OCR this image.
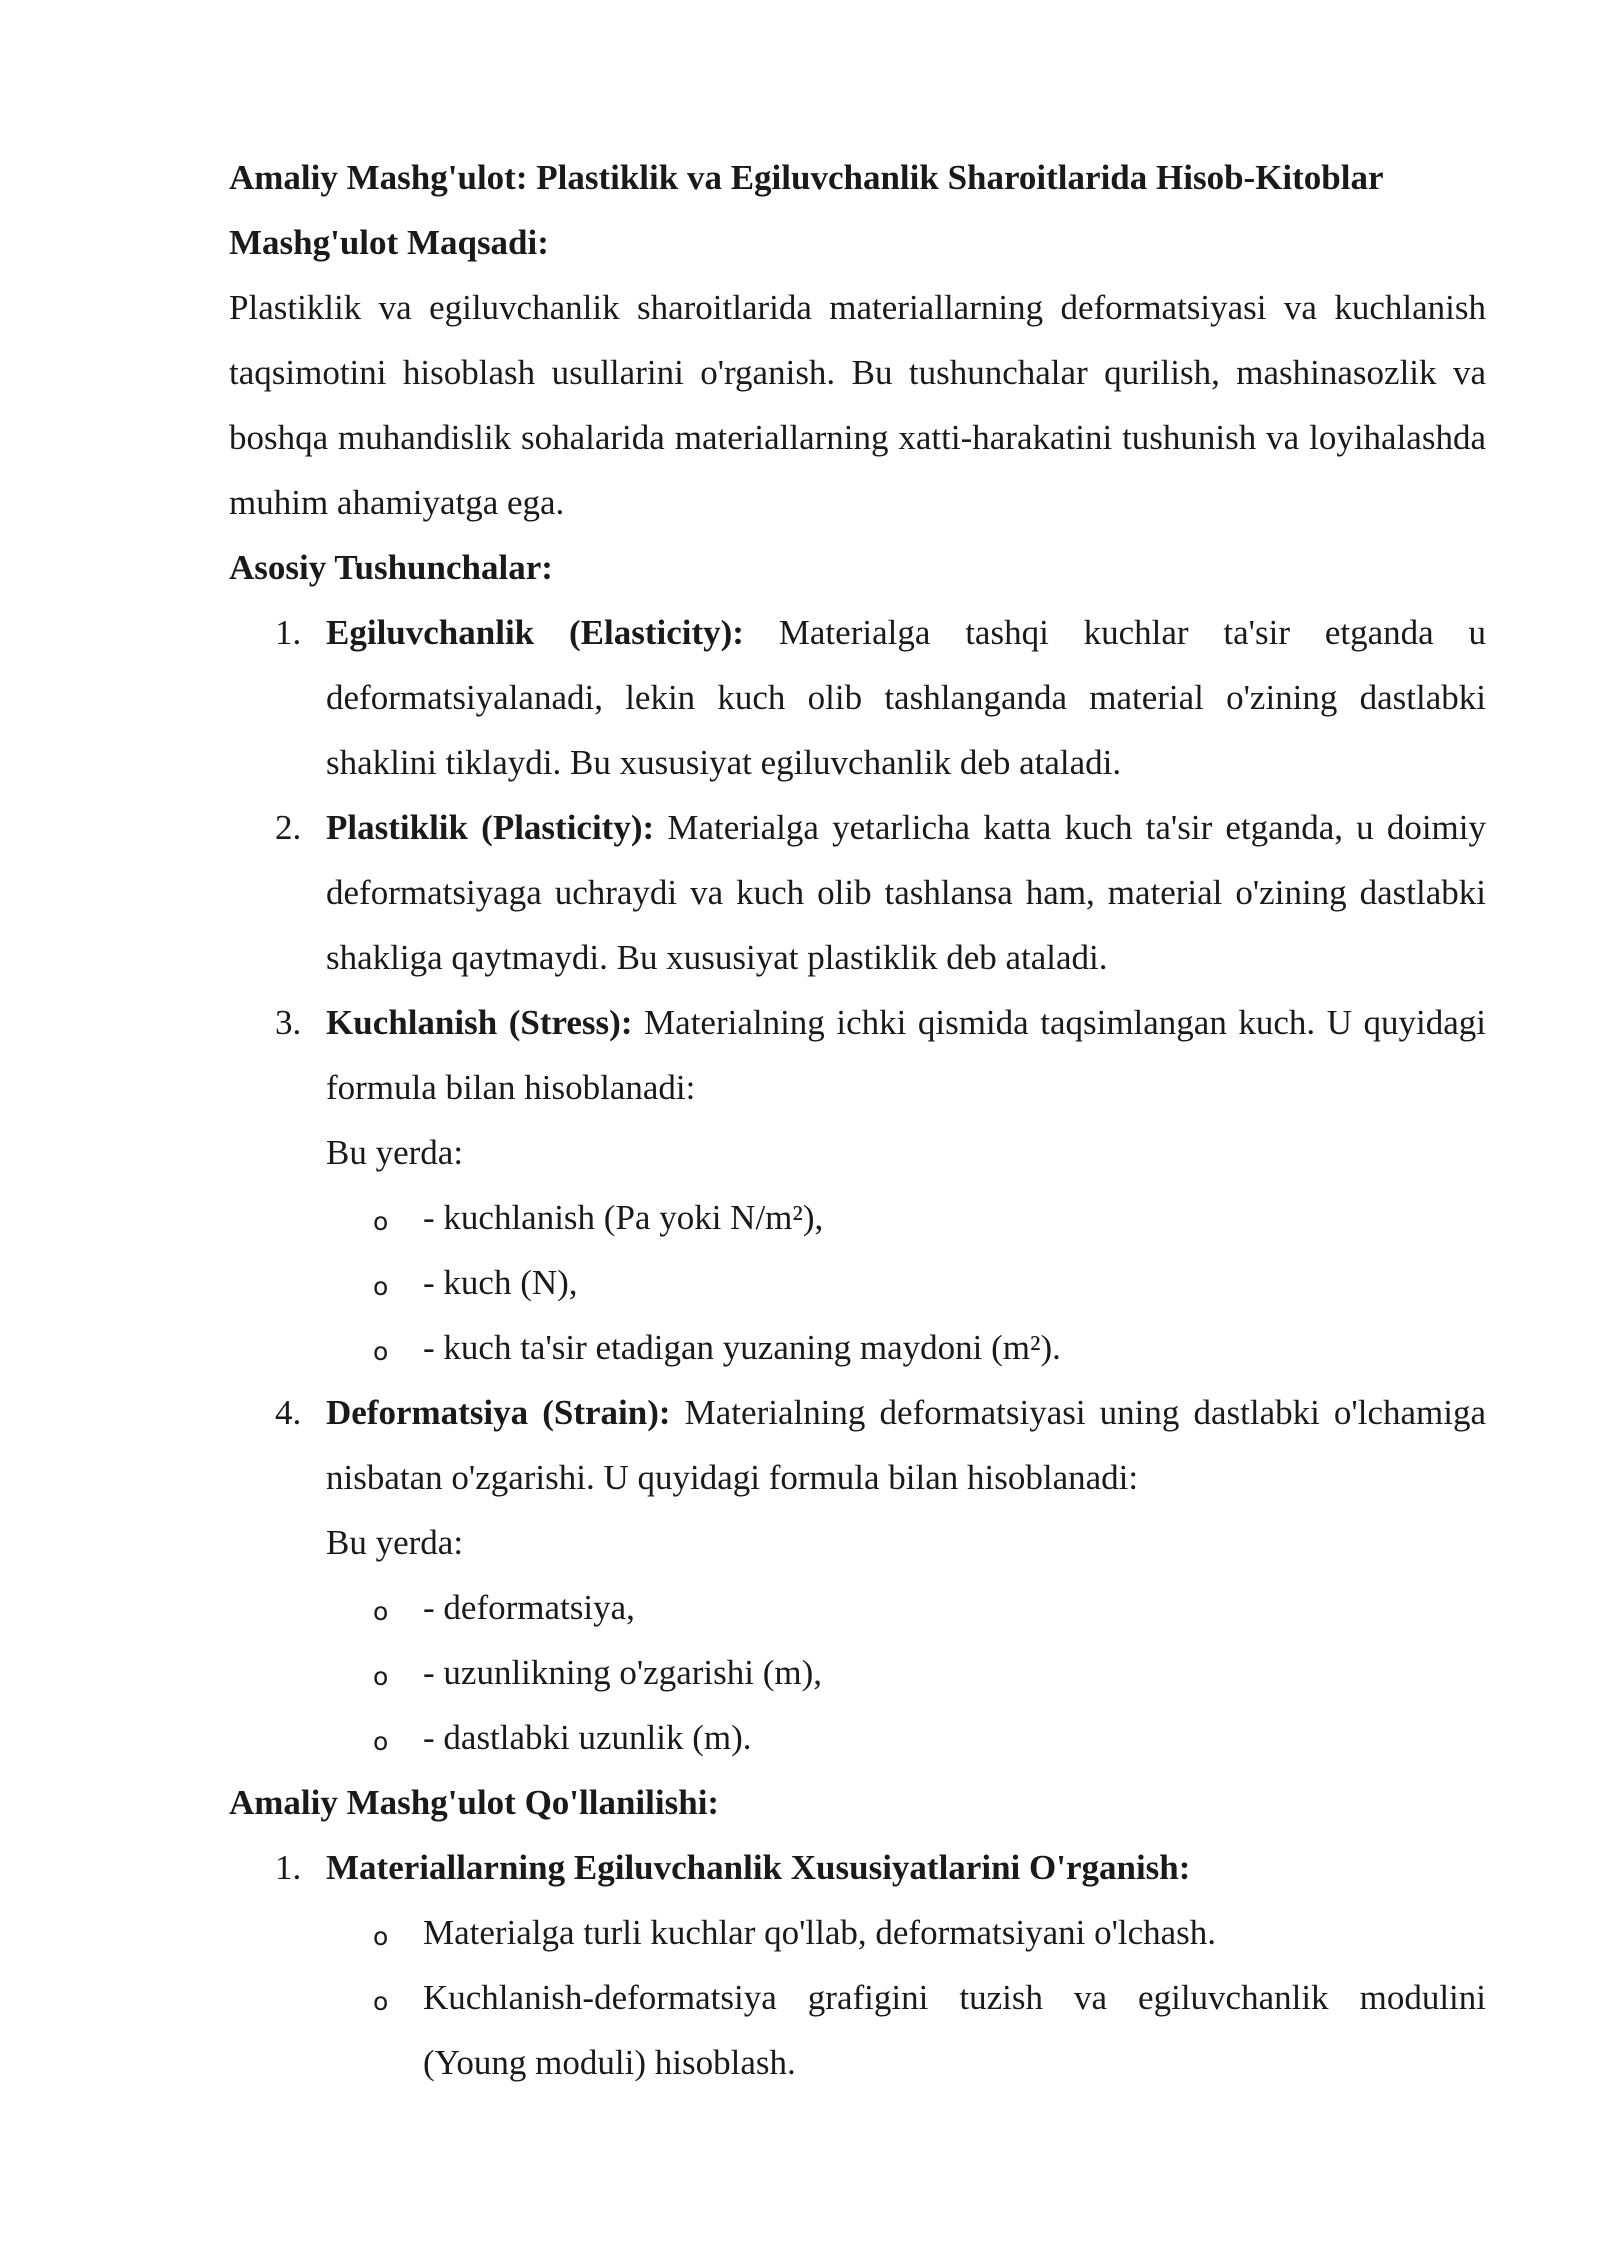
Amaliy Mashg'ulot: Plastiklik va Egiluvchanlik Sharoitlarida Hisob-Kitoblar

Mashg'ulot Maqsadi:

Plastiklik va egiluvchanlik sharoitlarida materiallarning deformatsiyasi va kuchlanish taqsimotini hisoblash usullarini o'rganish. Bu tushunchalar qurilish, mashinasozlik va boshqa muhandislik sohalarida materiallarning xatti-harakatini tushunish va loyihalashda muhim ahamiyatga ega.

Asosiy Tushunchalar:

1. Egiluvchanlik (Elasticity): Materialga tashqi kuchlar ta'sir etganda u deformatsiyalanadi, lekin kuch olib tashlanganda material o'zining dastlabki shaklini tiklaydi. Bu xususiyat egiluvchanlik deb ataladi.
2. Plastiklik (Plasticity): Materialga yetarlicha katta kuch ta'sir etganda, u doimiy deformatsiyaga uchraydi va kuch olib tashlansa ham, material o'zining dastlabki shakliga qaytmaydi. Bu xususiyat plastiklik deb ataladi.
3. Kuchlanish (Stress): Materialning ichki qismida taqsimlangan kuch. U quyidagi formula bilan hisoblanadi:

Bu yerda:

o - kuchlanish (Pa yoki N/m²),
o - kuch (N),
o - kuch ta'sir etadigan yuzaning maydoni (m²).
4. Deformatsiya (Strain): Materialning deformatsiyasi uning dastlabki o'lchamiga nisbatan o'zgarishi. U quyidagi formula bilan hisoblanadi:

Bu yerda:

o - deformatsiya,
o - uzunlikning o'zgarishi (m),
o - dastlabki uzunlik (m).

Amaliy Mashg'ulot Qo'llanilishi:

1. Materiallarning Egiluvchanlik Xususiyatlarini O'rganish:
o Materialga turli kuchlar qo'llab, deformatsiyani o'lchash.
o Kuchlanish-deformatsiya grafigini tuzish va egiluvchanlik modulini (Young moduli) hisoblash.
